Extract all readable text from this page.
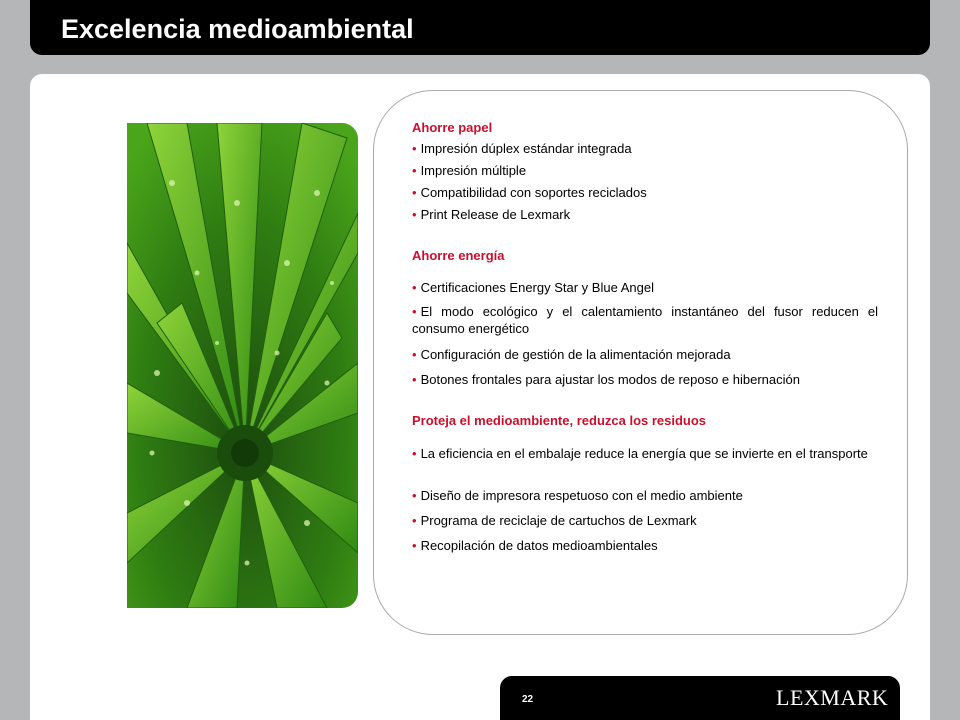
Excelencia medioambiental

Ahorre papel

• Impresión dúplex estándar integrada
• Impresión múltiple
• Compatibilidad con soportes reciclados
• Print Release de Lexmark

Ahorre energía

• Certificaciones Energy Star y Blue Angel
• El modo ecológico y el calentamiento instantáneo del fusor reducen el consumo energético
• Configuración de gestión de la alimentación mejorada
• Botones frontales para ajustar los modos de reposo e hibernación

Proteja el medioambiente, reduzca los residuos

• La eficiencia en el embalaje reduce la energía que se invierte en el transporte
• Diseño de impresora respetuoso con el medio ambiente
• Programa de reciclaje de cartuchos de Lexmark
• Recopilación de datos medioambientales
22	LEXMARK
